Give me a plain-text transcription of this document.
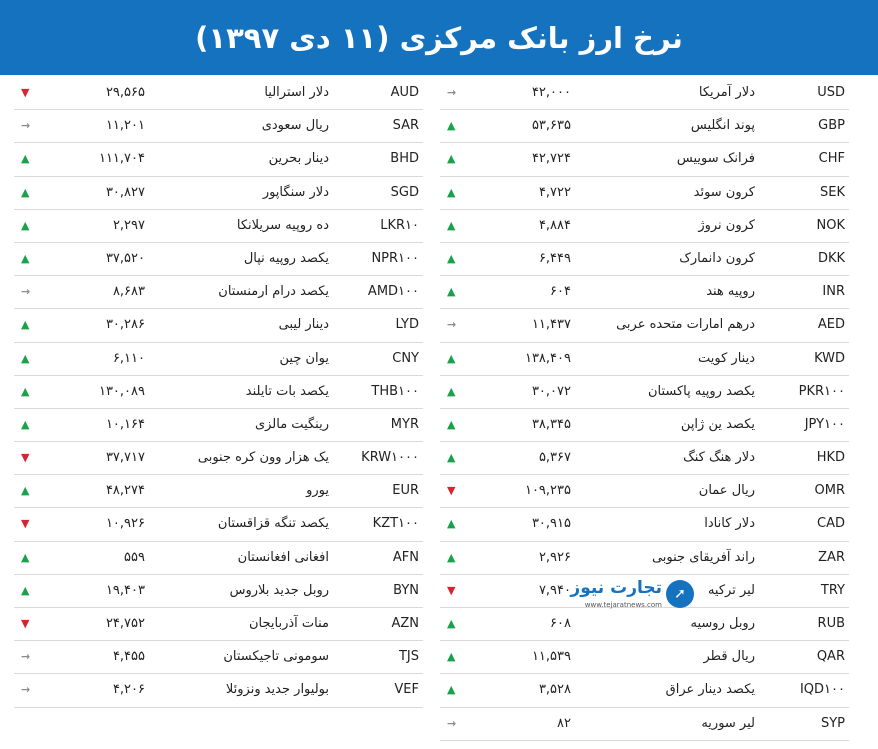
نرخ ارز بانک مرکزی (۱۱ دی ۱۳۹۷)
USD
دلار آمریکا
۴۲,۰۰۰
→
GBP
پوند انگلیس
۵۳,۶۳۵
▲
CHF
فرانک سوییس
۴۲,۷۲۴
▲
SEK
کرون سوئد
۴,۷۲۲
▲
NOK
کرون نروژ
۴,۸۸۴
▲
DKK
کرون دانمارک
۶,۴۴۹
▲
INR
روپیه هند
۶۰۴
▲
AED
درهم امارات متحده عربی
۱۱,۴۳۷
→
KWD
دینار کویت
۱۳۸,۴۰۹
▲
PKR۱۰۰
یکصد روپیه پاکستان
۳۰,۰۷۲
▲
JPY۱۰۰
یکصد ین ژاپن
۳۸,۳۴۵
▲
HKD
دلار هنگ کنگ
۵,۳۶۷
▲
OMR
ریال عمان
۱۰۹,۲۳۵
▼
CAD
دلار کانادا
۳۰,۹۱۵
▲
ZAR
راند آفریقای جنوبی
۲,۹۲۶
▲
TRY
لیر ترکیه
۷,۹۴۰
▼
RUB
روبل روسیه
۶۰۸
▲
QAR
ریال قطر
۱۱,۵۳۹
▲
IQD۱۰۰
یکصد دینار عراق
۳,۵۲۸
▲
SYP
لیر سوریه
۸۲
→
AUD
دلار استرالیا
۲۹,۵۶۵
▼
SAR
ریال سعودی
۱۱,۲۰۱
→
BHD
دینار بحرین
۱۱۱,۷۰۴
▲
SGD
دلار سنگاپور
۳۰,۸۲۷
▲
LKR۱۰
ده روپیه سریلانکا
۲,۲۹۷
▲
NPR۱۰۰
یکصد روپیه نپال
۳۷,۵۲۰
▲
AMD۱۰۰
یکصد درام ارمنستان
۸,۶۸۳
→
LYD
دینار لیبی
۳۰,۲۸۶
▲
CNY
یوان چین
۶,۱۱۰
▲
THB۱۰۰
یکصد بات تایلند
۱۳۰,۰۸۹
▲
MYR
رینگیت مالزی
۱۰,۱۶۴
▲
KRW۱۰۰۰
یک هزار وون کره جنوبی
۳۷,۷۱۷
▼
EUR
یورو
۴۸,۲۷۴
▲
KZT۱۰۰
یکصد تنگه قزاقستان
۱۰,۹۲۶
▼
AFN
افغانی افغانستان
۵۵۹
▲
BYN
روبل جدید بلاروس
۱۹,۴۰۳
▲
AZN
منات آذربایجان
۲۴,۷۵۲
▼
TJS
سومونی تاجیکستان
۴,۴۵۵
→
VEF
بولیوار جدید ونزوئلا
۴,۲۰۶
→
➚
تجارت نیوز
www.tejaratnews.com
